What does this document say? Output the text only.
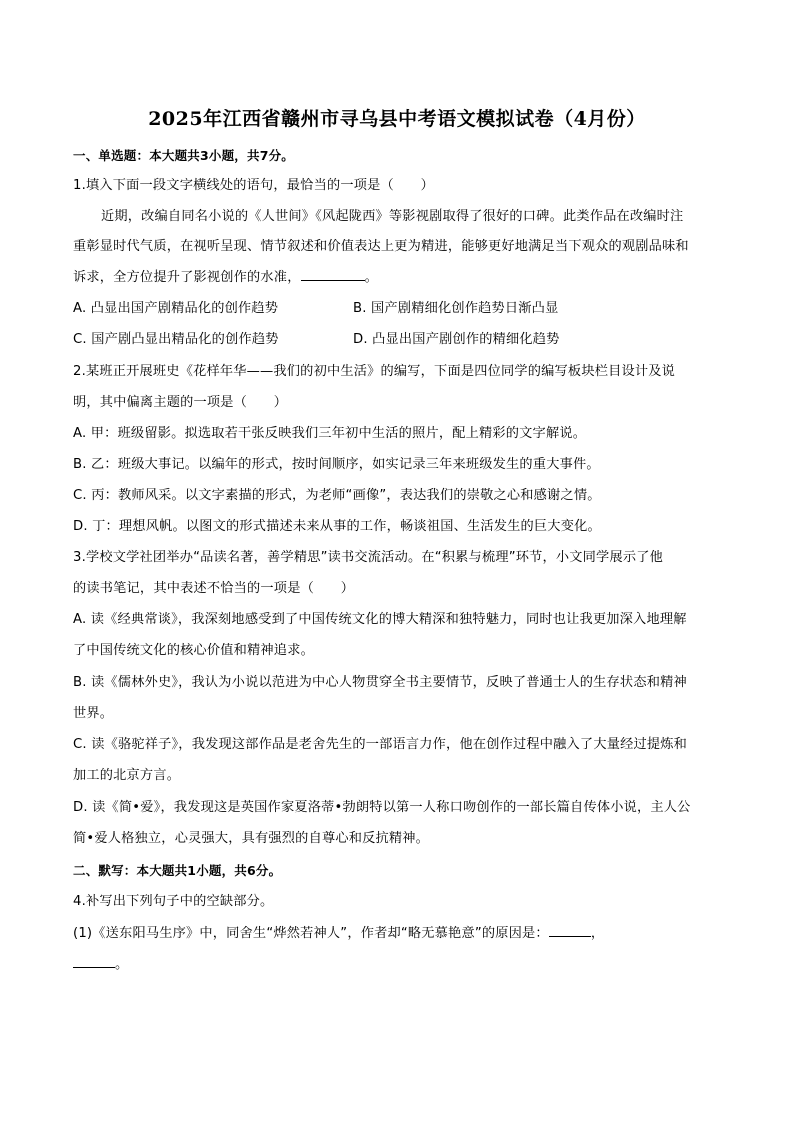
2025年江西省赣州市寻乌县中考语文模拟试卷（4月份）
一、单选题：本大题共3小题，共7分。
1.填入下面一段文字横线处的语句，最恰当的一项是（　　）
近期，改编自同名小说的《人世间》《风起陇西》等影视剧取得了很好的口碑。此类作品在改编时注
重彰显时代气质，在视听呈现、情节叙述和价值表达上更为精进，能够更好地满足当下观众的观剧品味和
诉求，全方位提升了影视创作的水准，	。
A. 凸显出国产剧精品化的创作趋势	B. 国产剧精细化创作趋势日渐凸显
C. 国产剧凸显出精品化的创作趋势	D. 凸显出国产剧创作的精细化趋势
2.某班正开展班史《花样年华——我们的初中生活》的编写，下面是四位同学的编写板块栏目设计及说
明，其中偏离主题的一项是（　　）
A. 甲：班级留影。拟选取若干张反映我们三年初中生活的照片，配上精彩的文字解说。
B. 乙：班级大事记。以编年的形式，按时间顺序，如实记录三年来班级发生的重大事件。
C. 丙：教师风采。以文字素描的形式，为老师“画像”，表达我们的崇敬之心和感谢之情。
D. 丁：理想风帆。以图文的形式描述未来从事的工作，畅谈祖国、生活发生的巨大变化。
3.学校文学社团举办“品读名著，善学精思”读书交流活动。在“积累与梳理”环节，小文同学展示了他
的读书笔记，其中表述不恰当的一项是（　　）
A. 读《经典常谈》，我深刻地感受到了中国传统文化的博大精深和独特魅力，同时也让我更加深入地理解
了中国传统文化的核心价值和精神追求。
B. 读《儒林外史》，我认为小说以范进为中心人物贯穿全书主要情节，反映了普通士人的生存状态和精神
世界。
C. 读《骆驼祥子》，我发现这部作品是老舍先生的一部语言力作，他在创作过程中融入了大量经过提炼和
加工的北京方言。
D. 读《简•爱》，我发现这是英国作家夏洛蒂•勃朗特以第一人称口吻创作的一部长篇自传体小说，主人公
简•爱人格独立，心灵强大，具有强烈的自尊心和反抗精神。
二、默写：本大题共1小题，共6分。
4.补写出下列句子中的空缺部分。
(1)《送东阳马生序》中，同舍生“烨然若神人”，作者却“略无慕艳意”的原因是：	，
。
